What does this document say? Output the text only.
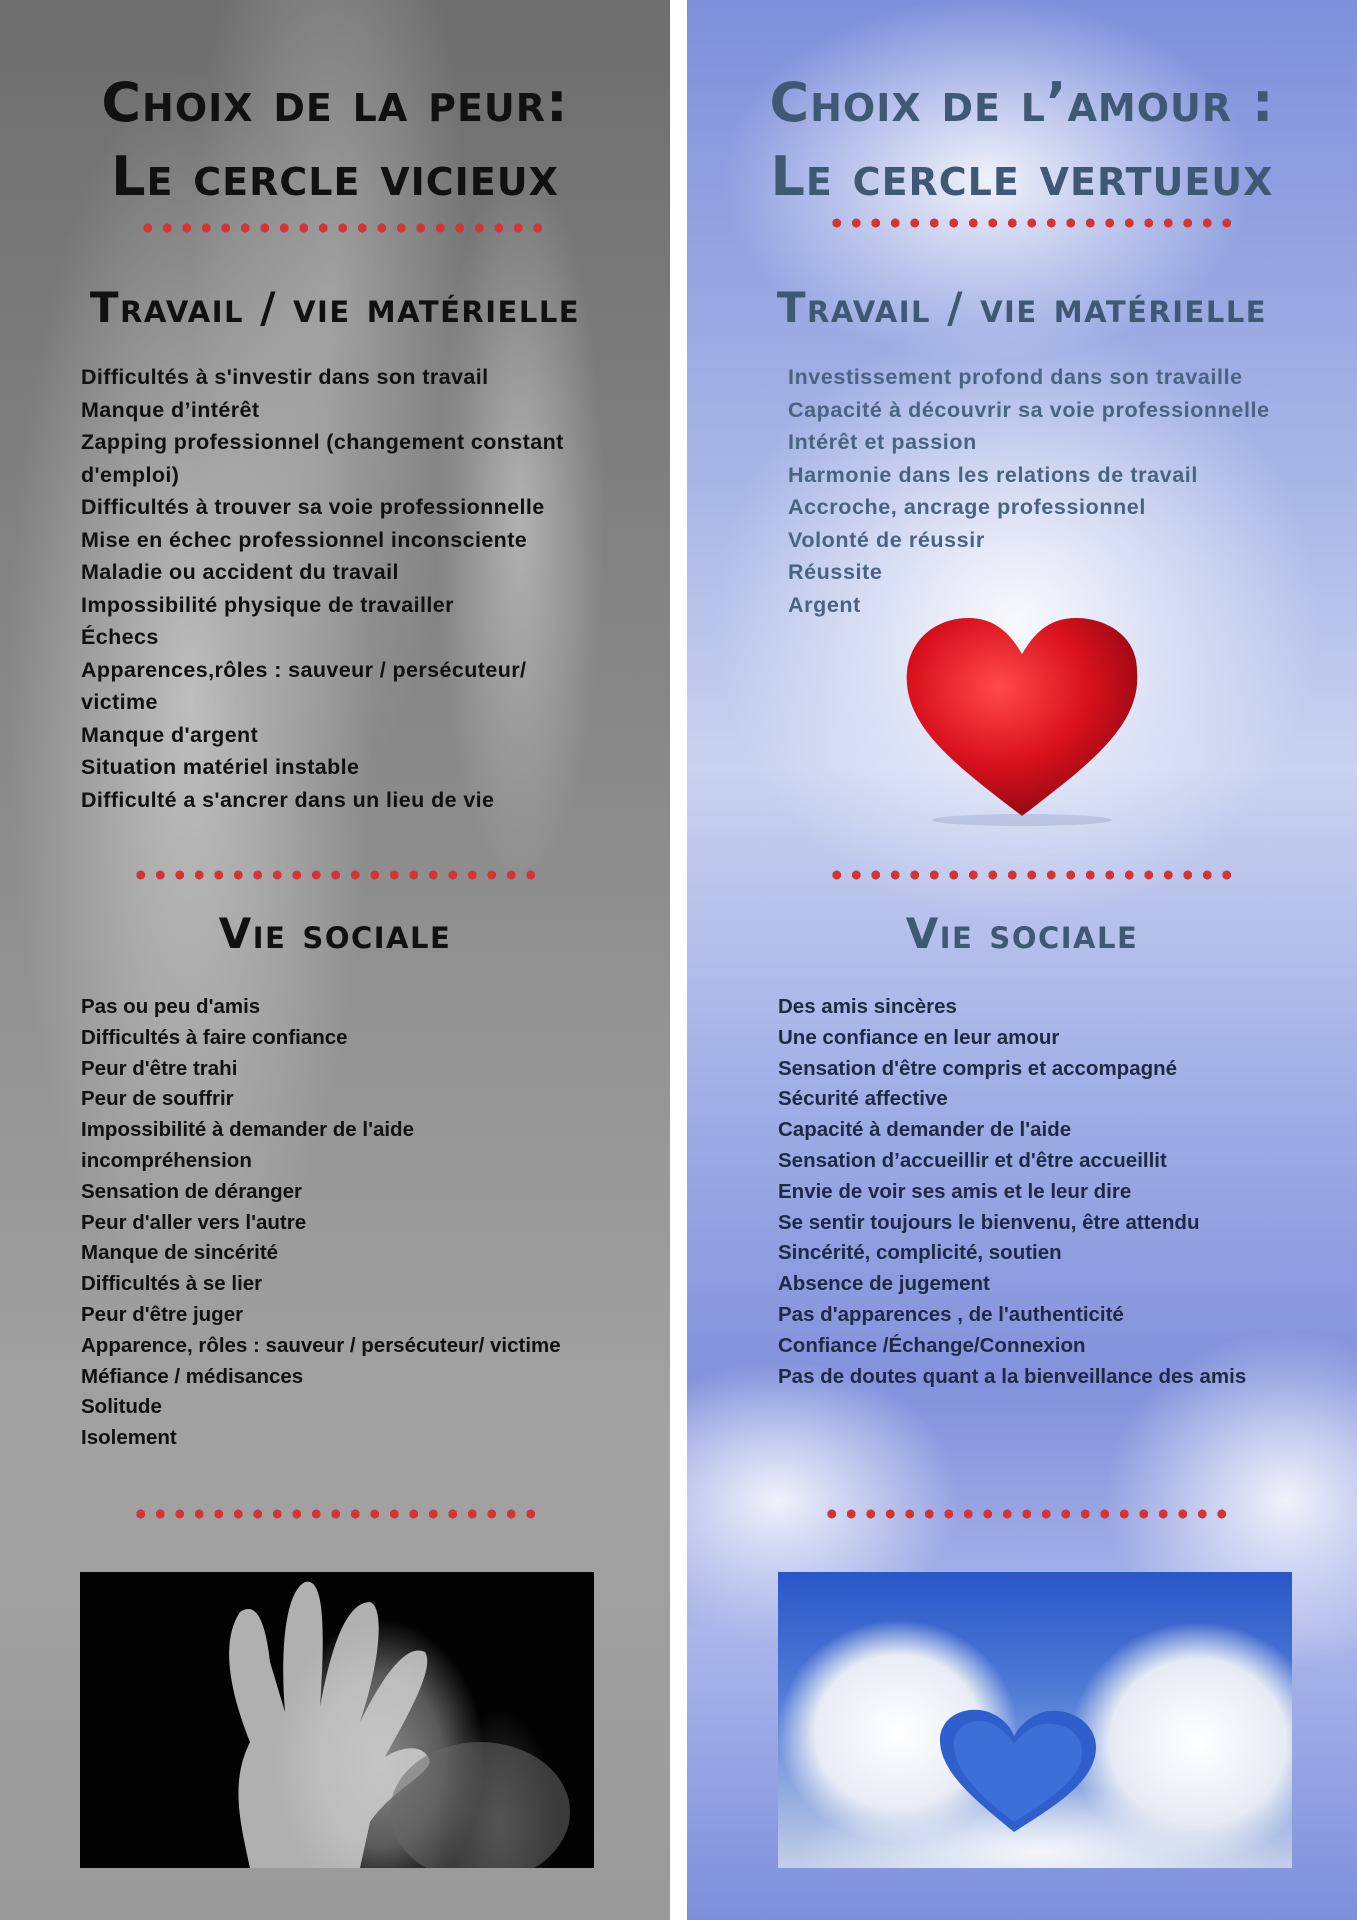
Choix de la peur:
Le cercle vicieux
Travail / vie matérielle
Difficultés à s'investir dans son travail
Manque d’intérêt
Zapping professionnel (changement constant
d'emploi)
Difficultés à trouver sa voie professionnelle
Mise en échec professionnel inconsciente
Maladie ou accident du travail
Impossibilité physique de travailler
Échecs
Apparences,rôles : sauveur / persécuteur/
victime
Manque d'argent
Situation matériel instable
Difficulté a s'ancrer dans un lieu de vie
Vie sociale
Pas ou peu d'amis
Difficultés à faire confiance
Peur d'être trahi
Peur de souffrir
Impossibilité à demander de l'aide
incompréhension
Sensation de déranger
Peur d'aller vers l'autre
Manque de sincérité
Difficultés à se lier
Peur d'être juger
Apparence, rôles : sauveur / persécuteur/ victime
Méfiance / médisances
Solitude
Isolement
Choix de l’amour :
Le cercle vertueux
Travail / vie matérielle
Investissement profond dans son travaille
Capacité à découvrir sa voie professionnelle
Intérêt et passion
Harmonie dans les relations de travail
Accroche, ancrage professionnel
Volonté de réussir
Réussite
Argent
Vie sociale
Des amis sincères
Une confiance en leur amour
Sensation d'être compris et accompagné
Sécurité affective
Capacité à demander de l'aide
Sensation d’accueillir et d'être accueillit
Envie de voir ses amis et le leur dire
Se sentir toujours le bienvenu, être attendu
Sincérité, complicité, soutien
Absence de jugement
Pas d'apparences , de l'authenticité
Confiance /Échange/Connexion
Pas de doutes quant a la bienveillance des amis
